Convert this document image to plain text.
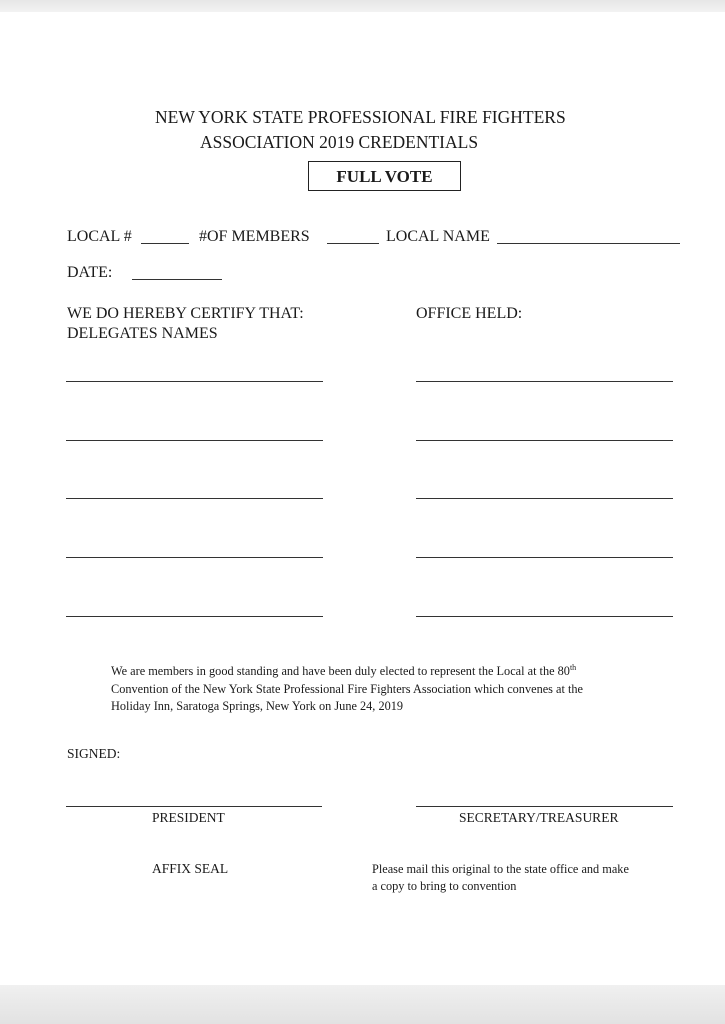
NEW YORK STATE PROFESSIONAL FIRE FIGHTERS
ASSOCIATION 2019 CREDENTIALS
FULL VOTE
LOCAL #	#OF MEMBERS	LOCAL NAME
DATE:
WE DO HEREBY CERTIFY THAT:
DELEGATES NAMES
OFFICE HELD:
We are members in good standing and have been duly elected to represent the Local at the 80th
Convention of the New York State Professional Fire Fighters Association which convenes at the
Holiday Inn, Saratoga Springs, New York on June 24, 2019
SIGNED:
PRESIDENT	SECRETARY/TREASURER
AFFIX SEAL	Please mail this original to the state office and make
a copy to bring to convention
